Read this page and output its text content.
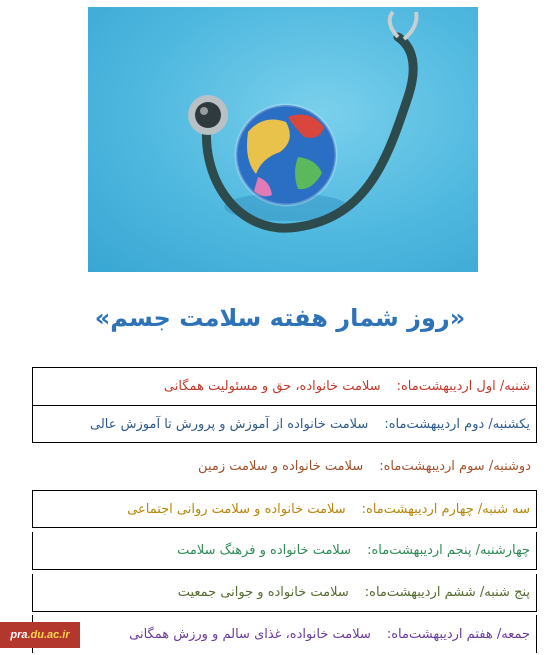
«روز شمار هفته سلامت جسم»
شنبه/ اول اردیبهشت‌ماه:
سلامت خانواده، حق و مسئولیت همگانی
یکشنبه/ دوم اردیبهشت‌ماه:
سلامت خانواده از آموزش و پرورش تا آموزش عالی
دوشنبه/ سوم اردیبهشت‌ماه:
سلامت خانواده و سلامت زمین
سه شنبه/ چهارم اردیبهشت‌ماه:
سلامت خانواده و سلامت روانی اجتماعی
چهارشنبه/ پنجم اردیبهشت‌ماه:
سلامت خانواده و فرهنگ سلامت
پنج شنبه/ ششم اردیبهشت‌ماه:
سلامت خانواده و جوانی جمعیت
جمعه/ هفتم اردیبهشت‌ماه:
سلامت خانواده، غذای سالم و ورزش همگانی
pra .du.ac.ir
